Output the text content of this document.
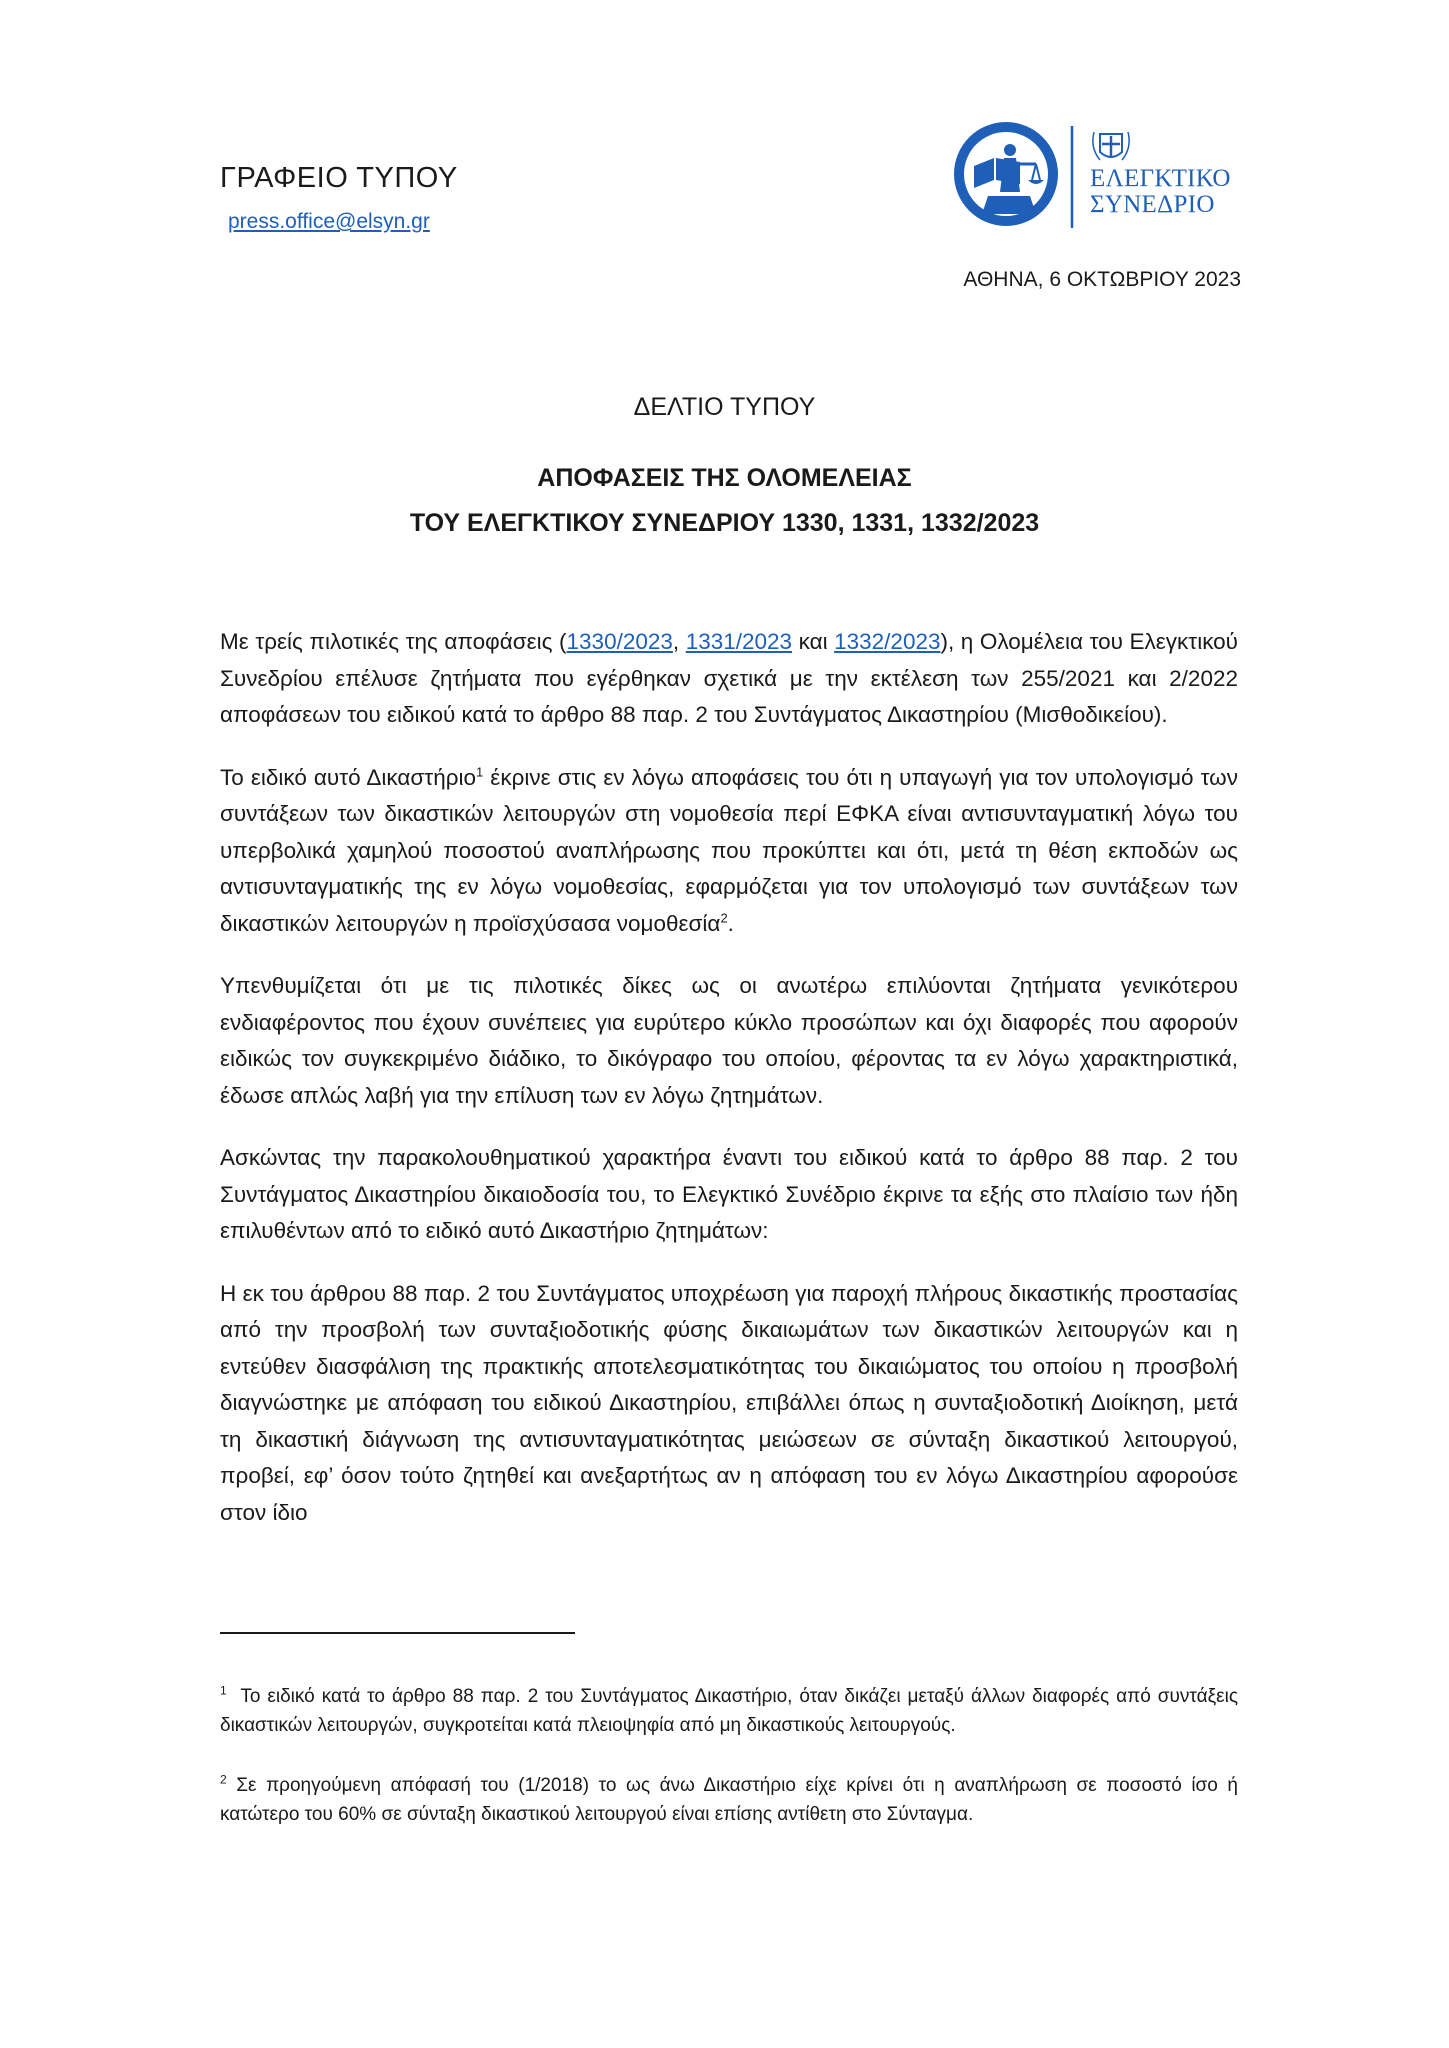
ΓΡΑΦΕΙΟ ΤΥΠΟΥ
press.office@elsyn.gr
ΕΛΕΓΚΤΙΚΟ
ΣΥΝΕΔΡΙΟ
ΑΘΗΝΑ, 6 ΟΚΤΩΒΡΙΟΥ 2023
ΔΕΛΤΙΟ ΤΥΠΟΥ
ΑΠΟΦΑΣΕΙΣ ΤΗΣ ΟΛΟΜΕΛΕΙΑΣ
ΤΟΥ ΕΛΕΓΚΤΙΚΟΥ ΣΥΝΕΔΡΙΟΥ 1330, 1331, 1332/2023

Με τρείς πιλοτικές της αποφάσεις (1330/2023, 1331/2023 και 1332/2023), η Ολομέλεια του Ελεγκτικού Συνεδρίου επέλυσε ζητήματα που εγέρθηκαν σχετικά με την εκτέλεση των 255/2021 και 2/2022 αποφάσεων του ειδικού κατά το άρθρο 88 παρ. 2 του Συντάγματος Δικαστηρίου (Μισθοδικείου).

Το ειδικό αυτό Δικαστήριο$^1$ έκρινε στις εν λόγω αποφάσεις του ότι η υπαγωγή για τον υπολογισμό των συντάξεων των δικαστικών λειτουργών στη νομοθεσία περί ΕΦΚΑ είναι αντισυνταγματική λόγω του υπερβολικά χαμηλού ποσοστού αναπλήρωσης που προκύπτει και ότι, μετά τη θέση εκποδών ως αντισυνταγματικής της εν λόγω νομοθεσίας, εφαρμόζεται για τον υπολογισμό των συντάξεων των δικαστικών λειτουργών η προϊσχύσασα νομοθεσία$^2$.

Υπενθυμίζεται ότι με τις πιλοτικές δίκες ως οι ανωτέρω επιλύονται ζητήματα γενικότερου ενδιαφέροντος που έχουν συνέπειες για ευρύτερο κύκλο προσώπων και όχι διαφορές που αφορούν ειδικώς τον συγκεκριμένο διάδικο, το δικόγραφο του οποίου, φέροντας τα εν λόγω χαρακτηριστικά, έδωσε απλώς λαβή για την επίλυση των εν λόγω ζητημάτων.

Ασκώντας την παρακολουθηματικού χαρακτήρα έναντι του ειδικού κατά το άρθρο 88 παρ. 2 του Συντάγματος Δικαστηρίου δικαιοδοσία του, το Ελεγκτικό Συνέδριο έκρινε τα εξής στο πλαίσιο των ήδη επιλυθέντων από το ειδικό αυτό Δικαστήριο ζητημάτων:

Η εκ του άρθρου 88 παρ. 2 του Συντάγματος υποχρέωση για παροχή πλήρους δικαστικής προστασίας από την προσβολή των συνταξιοδοτικής φύσης δικαιωμάτων των δικαστικών λειτουργών και η εντεύθεν διασφάλιση της πρακτικής αποτελεσματικότητας του δικαιώματος του οποίου η προσβολή διαγνώστηκε με απόφαση του ειδικού Δικαστηρίου, επιβάλλει όπως η συνταξιοδοτική Διοίκηση, μετά τη δικαστική διάγνωση της αντισυνταγματικότητας μειώσεων σε σύνταξη δικαστικού λειτουργού, προβεί, εφ’ όσον τούτο ζητηθεί και ανεξαρτήτως αν η απόφαση του εν λόγω Δικαστηρίου αφορούσε στον ίδιο

$^1$ Το ειδικό κατά το άρθρο 88 παρ. 2 του Συντάγματος Δικαστήριο, όταν δικάζει μεταξύ άλλων διαφορές από συντάξεις δικαστικών λειτουργών, συγκροτείται κατά πλειοψηφία από μη δικαστικούς λειτουργούς.

$^2$ Σε προηγούμενη απόφασή του (1/2018) το ως άνω Δικαστήριο είχε κρίνει ότι η αναπλήρωση σε ποσοστό ίσο ή κατώτερο του 60% σε σύνταξη δικαστικού λειτουργού είναι επίσης αντίθετη στο Σύνταγμα.
